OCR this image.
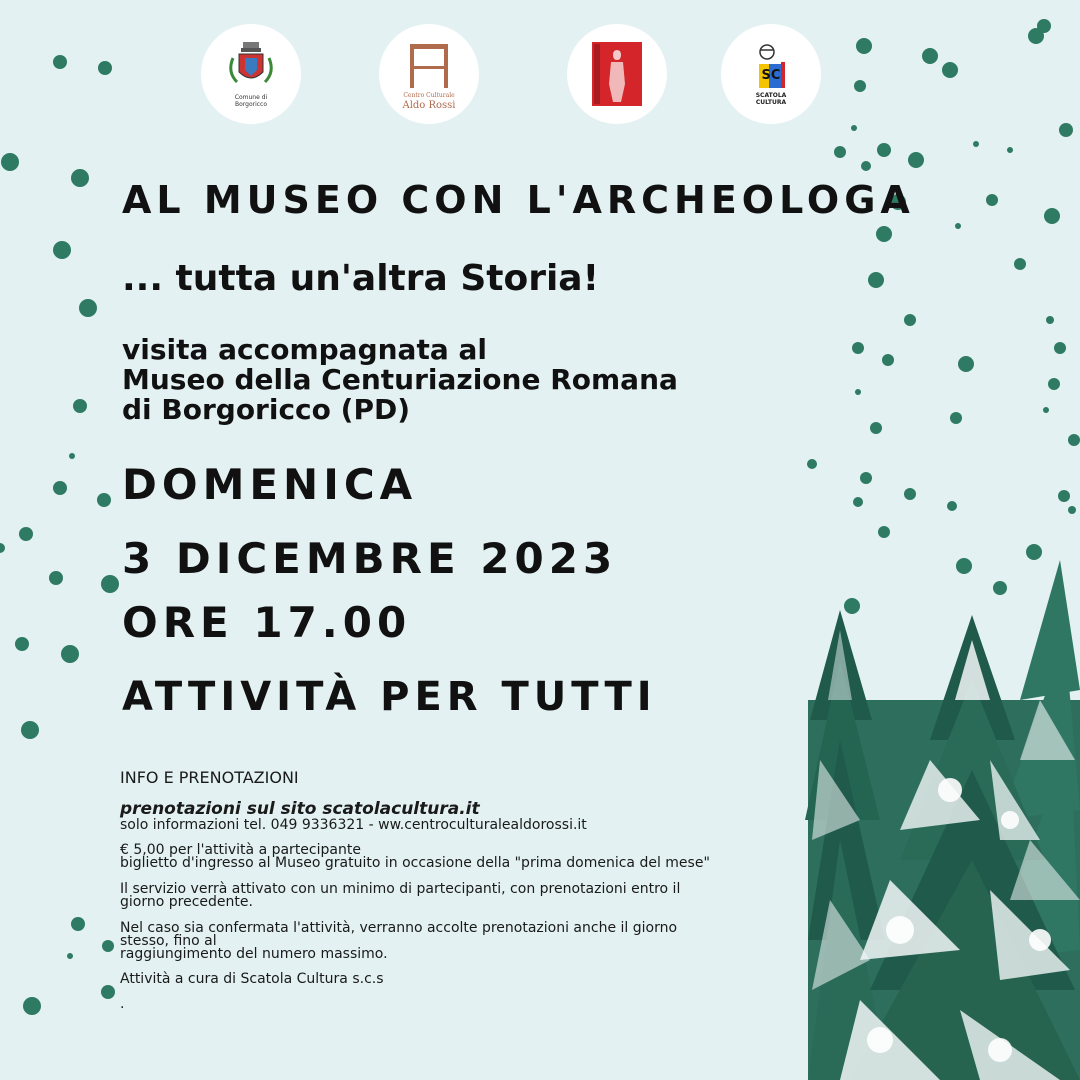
Comune di
Borgoricco
Centro Culturale
Aldo Rossi
SC
SCATOLA
CULTURA
AL MUSEO CON L'ARCHEOLOGA
... tutta un'altra Storia!
visita accompagnata al
Museo della Centuriazione Romana
di Borgoricco (PD)
DOMENICA
3 DICEMBRE 2023
ORE 17.00
ATTIVITÀ PER TUTTI
INFO E PRENOTAZIONI
prenotazioni sul sito scatolacultura.it
solo informazioni tel. 049 9336321 - ww.centroculturalealdorossi.it
€ 5,00 per l'attività a partecipante
biglietto d'ingresso al Museo gratuito in occasione della "prima domenica del mese"
Il servizio verrà attivato con un minimo di partecipanti, con prenotazioni entro il
giorno precedente.
Nel caso sia confermata l'attività, verranno accolte prenotazioni anche il giorno
stesso, fino al
raggiungimento del numero massimo.
Attività a cura di Scatola Cultura s.c.s
.
